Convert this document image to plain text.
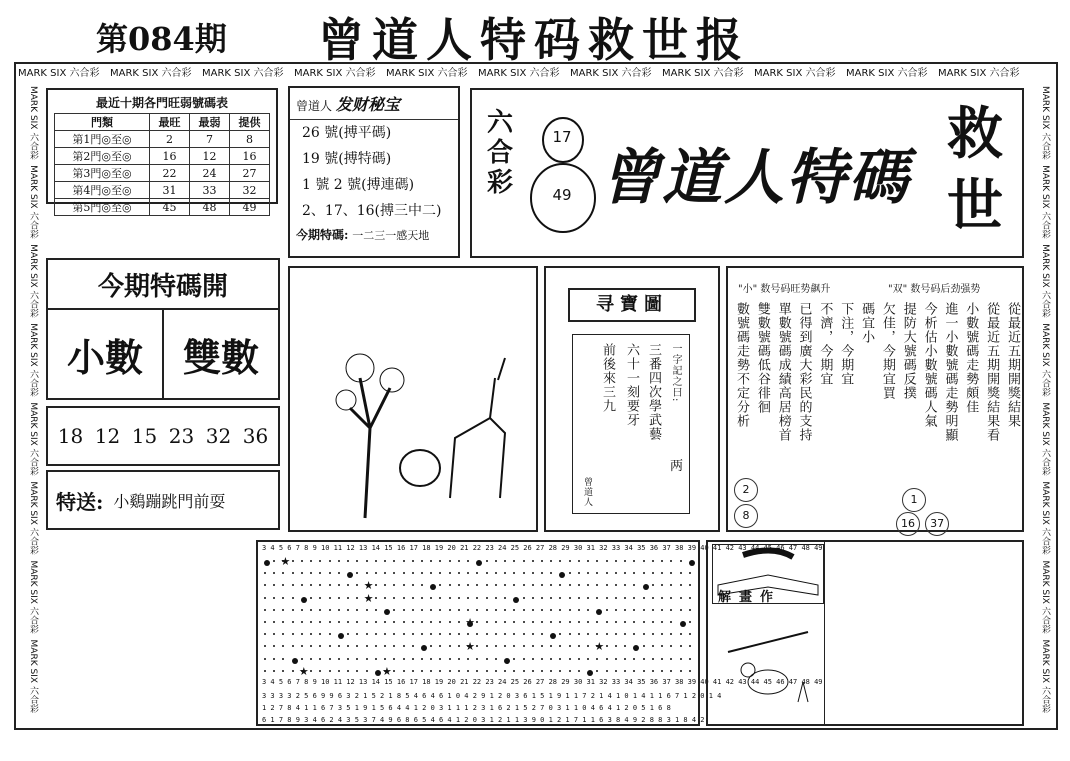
第084期 曾道人特码救世报
MARK SIX 六合彩 MARK SIX 六合彩 MARK SIX 六合彩 MARK SIX 六合彩 MARK SIX 六合彩 MARK SIX 六合彩 MARK SIX 六合彩 MARK SIX 六合彩 MARK SIX 六合彩 MARK SIX 六合彩 MARK SIX 六合彩
MARK SIX 六合彩  MARK SIX 六合彩  MARK SIX 六合彩  MARK SIX 六合彩  MARK SIX 六合彩  MARK SIX 六合彩  MARK SIX 六合彩  MARK SIX 六合彩
MARK SIX 六合彩  MARK SIX 六合彩  MARK SIX 六合彩  MARK SIX 六合彩  MARK SIX 六合彩  MARK SIX 六合彩  MARK SIX 六合彩  MARK SIX 六合彩
最近十期各門旺弱號碼表
門類	最旺	最弱	提供
第1門◎至◎	2	7	8
第2門◎至◎	16	12	16
第3門◎至◎	22	24	27
第4門◎至◎	31	33	32
第5門◎至◎	45	48	49
曾道人 发财秘宝
26 號(搏平碼)
19 號(搏特碼)
1 號 2 號(搏連碼)
2、17、16(搏三中二)
今期特碼: 一二三一感天地
六合彩
17
49 曾道人特碼
救世
今期特碼開
小數	雙數
18 12 15 23 32 36
特送: 小鷄蹦跳門前耍
寻寶圖
一字記之曰:
三番四次學武藝
六十一刻要牙
前後來三九
两
曾道人
"小" 数号码旺势飙升	"双" 数号码后劲强势
從最近五期開獎結果
從最近五期開獎結果看
小數號碼走勢頗佳
進一小數號碼走勢明顯
今析估小數號碼人氣
提防大號碼反撲
欠佳，今期宜買
碼宜小
下注，今期宜
不濟，今期宜
已得到廣大彩民的支持
單數號碼成績高居榜首
雙數號碼低谷徘徊
數號碼走勢不定分析
2 8
1
16 37
3 4 5 6 7 8 9 10 11 12 13 14 15 16 17 18 19 20 21 22 23 24 25 26 27 28 29 30 31 32 33 34 35 36 37 38 39 40 41 42 43 44 45 46 47 48 49
★
★
★
★
★	★
★	★
3 4 5 6 7 8 9 10 11 12 13 14 15 16 17 18 19 20 21 22 23 24 25 26 27 28 29 30 31 32 33 34 35 36 37 38 39 40 41 42 43 44 45 46 47 48 49
3 3 3 3 2 5 6 9 9 6 3 2 1 5 2 1 8 5 4 6 4 6 1 0 4 2 9 1 2 0 3 6 1 5 1 9 1 1 7 2 1 4 1 0 1 4 1 1 6 7 1 2 0 1 4
1 2 7 8 4 1 1 6 7 3 5 1 9 1 5 6 4 4 1 2 0 3 1 1 1 2 3 1 6 2 1 5 2 7 0 3 1 1 0 4 6 4 1 2 0 5 1 6 8
6 1 7 8 9 3 4 6 2 4 3 5 3 7 4 9 6 8 6 5 4 6 4 1 2 0 3 1 2 1 1 3 9 0 1 2 1 7 1 1 6 3 8 4 9 2 8 8 3 1 8 4 2
解畫作
